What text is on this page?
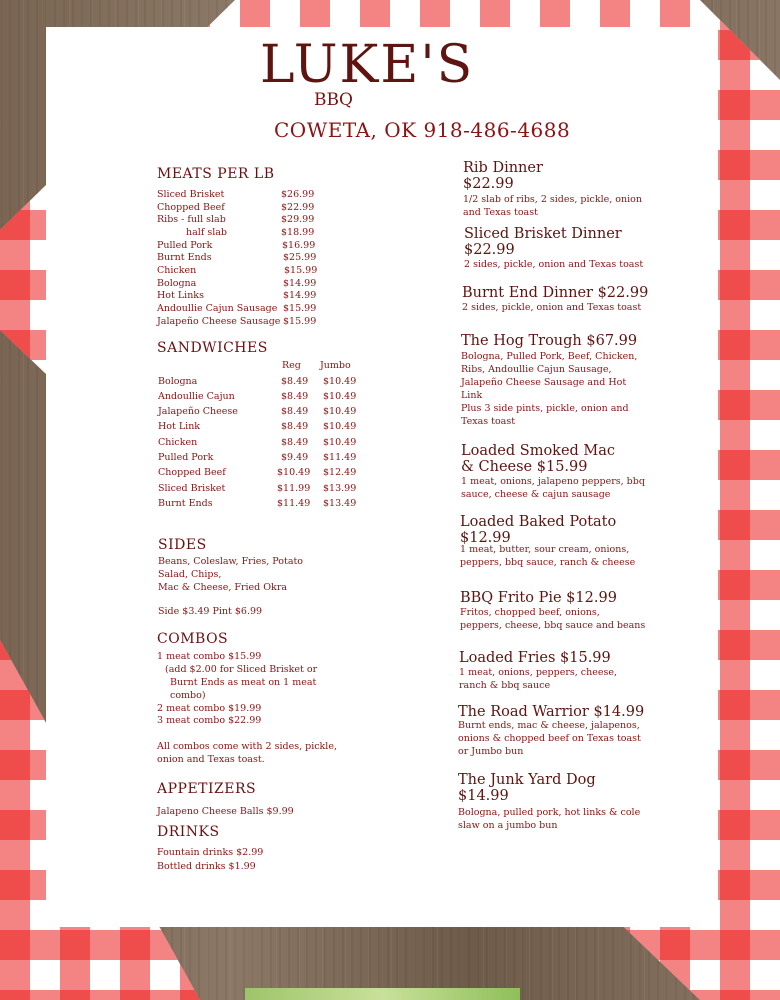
LUKE'S
BBQ
COWETA, OK 918-486-4688
MEATS PER LB
SANDWICHES
Reg Jumbo
SIDES
Beans, Coleslaw, Fries, Potato
Salad, Chips,
Mac & Cheese, Fried Okra
Side $3.49 Pint $6.99
COMBOS
1 meat combo $15.99
(add $2.00 for Sliced Brisket or
Burnt Ends as meat on 1 meat
combo)
2 meat combo $19.99
3 meat combo $22.99
All combos come with 2 sides, pickle,
onion and Texas toast.
APPETIZERS
Jalapeno Cheese Balls $9.99
DRINKS
Fountain drinks $2.99
Bottled drinks $1.99
Sliced Brisket	$26.99
Chopped Beef	$22.99
Ribs - full slab	$29.99
half slab	$18.99
Pulled Pork	$16.99
Burnt Ends	$25.99
Chicken	$15.99
Bologna	$14.99
Hot Links	$14.99
Andoullie Cajun Sausage $15.99
Jalapeño Cheese Sausage $15.99
Bologna	$8.49 $10.49
Andoullie Cajun	$8.49 $10.49
Jalapeño Cheese	$8.49 $10.49
Hot Link	$8.49 $10.49
Chicken	$8.49 $10.49
Pulled Pork	$9.49 $11.49
Chopped Beef	$10.49 $12.49
Sliced Brisket	$11.99 $13.99
Burnt Ends	$11.49 $13.49
Rib Dinner
$22.99
1/2 slab of ribs, 2 sides, pickle, onion
and Texas toast
Sliced Brisket Dinner
$22.99
2 sides, pickle, onion and Texas toast
Burnt End Dinner $22.99
2 sides, pickle, onion and Texas toast
The Hog Trough $67.99
Bologna, Pulled Pork, Beef, Chicken,
Ribs, Andoullie Cajun Sausage,
Jalapeño Cheese Sausage and Hot
Link
Plus 3 side pints, pickle, onion and
Texas toast
Loaded Smoked Mac
& Cheese $15.99
1 meat, onions, jalapeno peppers, bbq
sauce, cheese & cajun sausage
Loaded Baked Potato
$12.99
1 meat, butter, sour cream, onions,
peppers, bbq sauce, ranch & cheese
BBQ Frito Pie $12.99
Fritos, chopped beef, onions,
peppers, cheese, bbq sauce and beans
Loaded Fries $15.99
1 meat, onions, peppers, cheese,
ranch & bbq sauce
The Road Warrior $14.99
Burnt ends, mac & cheese, jalapenos,
onions & chopped beef on Texas toast
or Jumbo bun
The Junk Yard Dog
$14.99
Bologna, pulled pork, hot links & cole
slaw on a jumbo bun
